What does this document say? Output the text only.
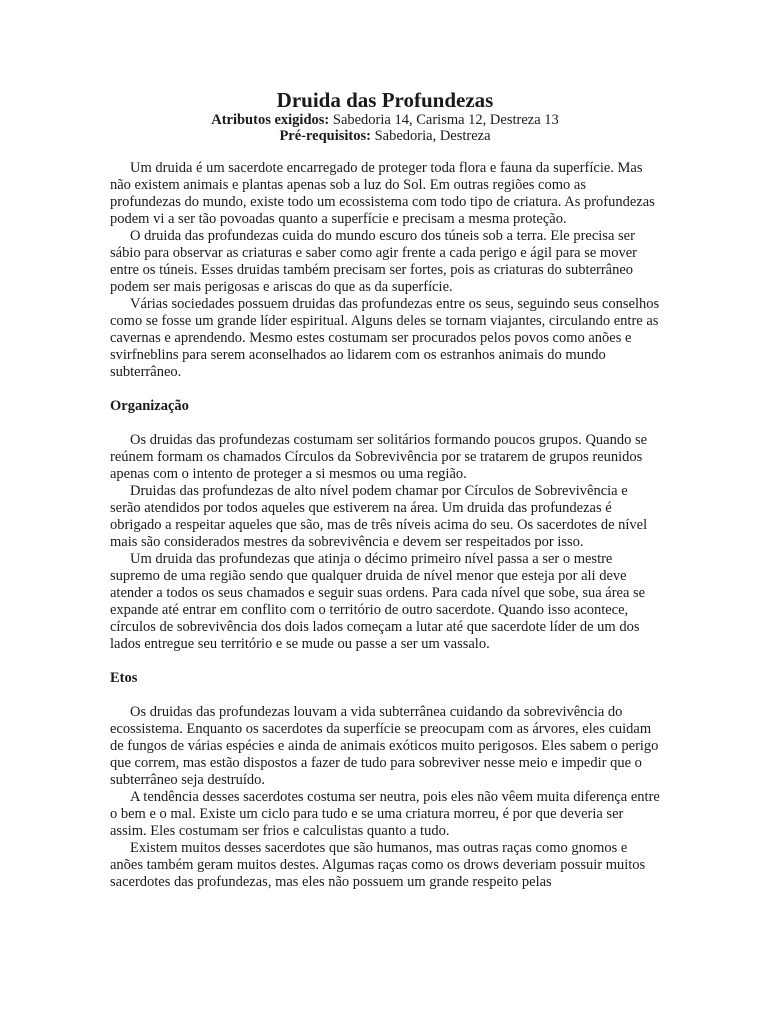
Druida das Profundezas

Atributos exigidos: Sabedoria 14, Carisma 12, Destreza 13

Pré-requisitos: Sabedoria, Destreza

Um druida é um sacerdote encarregado de proteger toda flora e fauna da superfície. Mas não existem animais e plantas apenas sob a luz do Sol. Em outras regiões como as profundezas do mundo, existe todo um ecossistema com todo tipo de criatura. As profundezas podem vi a ser tão povoadas quanto a superfície e precisam a mesma proteção.

O druida das profundezas cuida do mundo escuro dos túneis sob a terra. Ele precisa ser sábio para observar as criaturas e saber como agir frente a cada perigo e ágil para se mover entre os túneis. Esses druidas também precisam ser fortes, pois as criaturas do subterrâneo podem ser mais perigosas e ariscas do que as da superfície.

Várias sociedades possuem druidas das profundezas entre os seus, seguindo seus conselhos como se fosse um grande líder espiritual. Alguns deles se tornam viajantes, circulando entre as cavernas e aprendendo. Mesmo estes costumam ser procurados pelos povos como anões e svirfneblins para serem aconselhados ao lidarem com os estranhos animais do mundo subterrâneo.

Organização

Os druidas das profundezas costumam ser solitários formando poucos grupos. Quando se reúnem formam os chamados Círculos da Sobrevivência por se tratarem de grupos reunidos apenas com o intento de proteger a si mesmos ou uma região.

Druidas das profundezas de alto nível podem chamar por Círculos de Sobrevivência e serão atendidos por todos aqueles que estiverem na área. Um druida das profundezas é obrigado a respeitar aqueles que são, mas de três níveis acima do seu. Os sacerdotes de nível mais são considerados mestres da sobrevivência e devem ser respeitados por isso.

Um druida das profundezas que atinja o décimo primeiro nível passa a ser o mestre supremo de uma região sendo que qualquer druida de nível menor que esteja por ali deve atender a todos os seus chamados e seguir suas ordens. Para cada nível que sobe, sua área se expande até entrar em conflito com o território de outro sacerdote. Quando isso acontece, círculos de sobrevivência dos dois lados começam a lutar até que sacerdote líder de um dos lados entregue seu território e se mude ou passe a ser um vassalo.

Etos

Os druidas das profundezas louvam a vida subterrânea cuidando da sobrevivência do ecossistema. Enquanto os sacerdotes da superfície se preocupam com as árvores, eles cuidam de fungos de várias espécies e ainda de animais exóticos muito perigosos. Eles sabem o perigo que correm, mas estão dispostos a fazer de tudo para sobreviver nesse meio e impedir que o subterrâneo seja destruído.

A tendência desses sacerdotes costuma ser neutra, pois eles não vêem muita diferença entre o bem e o mal. Existe um ciclo para tudo e se uma criatura morreu, é por que deveria ser assim. Eles costumam ser frios e calculistas quanto a tudo.

Existem muitos desses sacerdotes que são humanos, mas outras raças como gnomos e anões também geram muitos destes. Algumas raças como os drows deveriam possuir muitos sacerdotes das profundezas, mas eles não possuem um grande respeito pelas
